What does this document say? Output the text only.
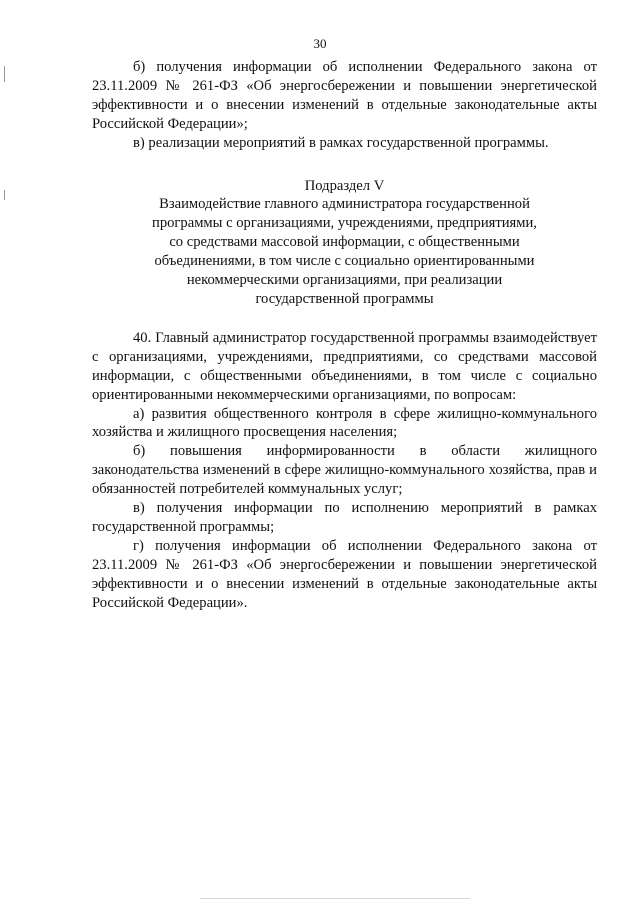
30

б) получения информации об исполнении Федерального закона от 23.11.2009 № 261-ФЗ «Об энергосбережении и повышении энергетической эффективности и о внесении изменений в отдельные законодательные акты Российской Федерации»;

в) реализации мероприятий в рамках государственной программы.

Подраздел V

Взаимодействие главного администратора государственной

программы с организациями, учреждениями, предприятиями,

со средствами массовой информации, с общественными

объединениями, в том числе с социально ориентированными

некоммерческими организациями, при реализации

государственной программы

40. Главный администратор государственной программы взаимодействует с организациями, учреждениями, предприятиями, со средствами массовой информации, с общественными объединениями, в том числе с социально ориентированными некоммерческими организациями, по вопросам:

а) развития общественного контроля в сфере жилищно-коммунального хозяйства и жилищного просвещения населения;

б) повышения информированности в области жилищного законодательства изменений в сфере жилищно-коммунального хозяйства, прав и обязанностей потребителей коммунальных услуг;

в) получения информации по исполнению мероприятий в рамках государственной программы;

г) получения информации об исполнении Федерального закона от 23.11.2009 № 261-ФЗ «Об энергосбережении и повышении энергетической эффективности и о внесении изменений в отдельные законодательные акты Российской Федерации».
